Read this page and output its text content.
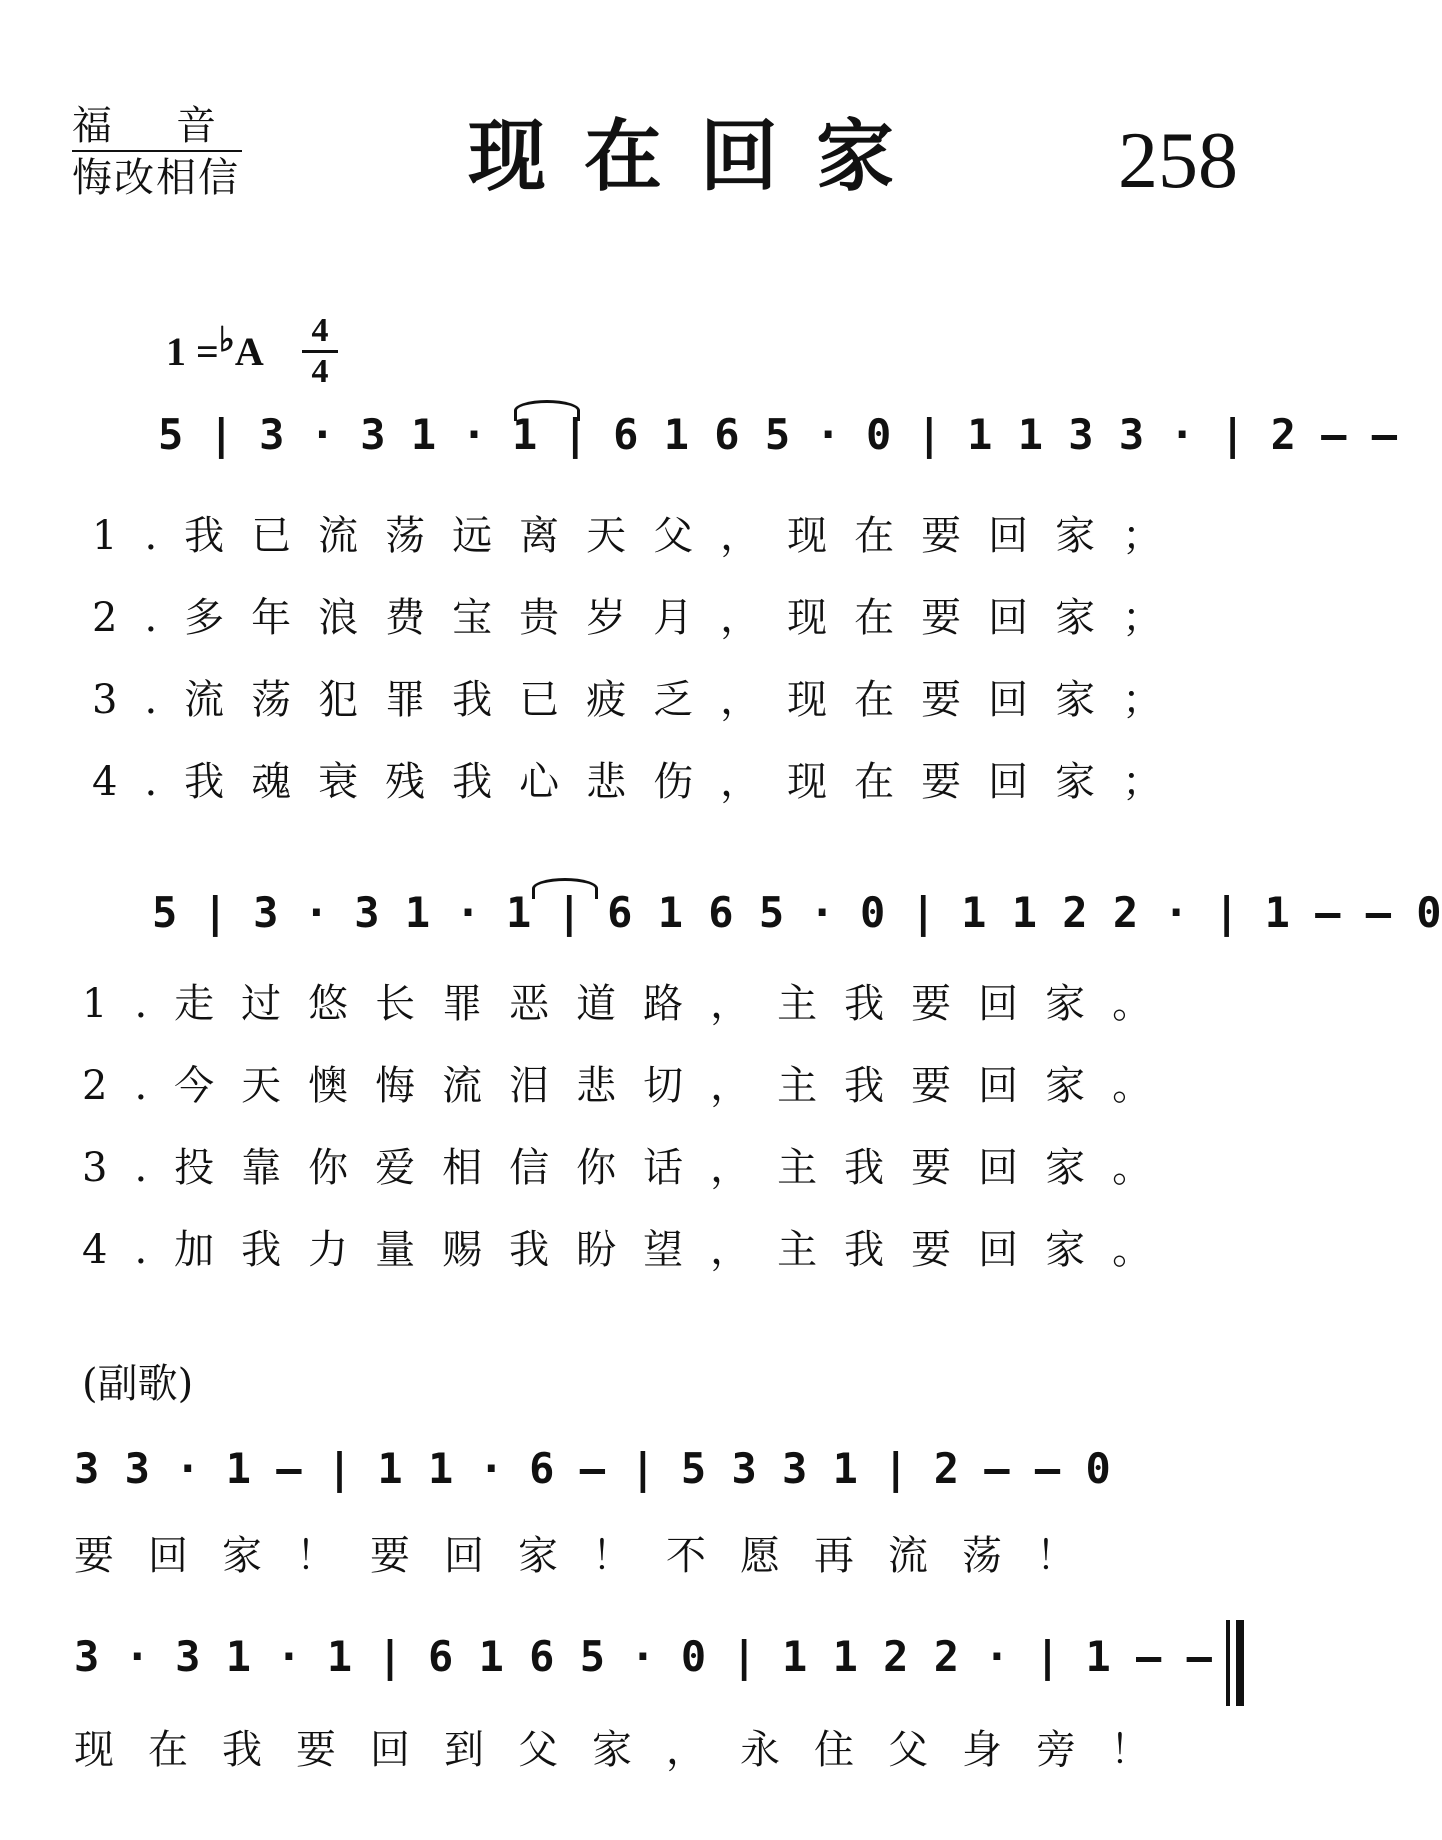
福音
悔改相信	现在回家 258
1 =♭A 4
4
5 | 3 · 3 1 · 1 | 6 1 6 5 · 0 | 1 1 3 3 · | 2 – –
1.我已流荡远离天父，现在要回家；
2.多年浪费宝贵岁月，现在要回家；
3.流荡犯罪我已疲乏，现在要回家；
4.我魂衰残我心悲伤，现在要回家；
5 | 3 · 3 1 · 1 | 6 1 6 5 · 0 | 1 1 2 2 · | 1 – – 0
1.走过悠长罪恶道路，主我要回家。
2.今天懊悔流泪悲切，主我要回家。
3.投靠你爱相信你话，主我要回家。
4.加我力量赐我盼望，主我要回家。
(副歌)
3 3 · 1 – | 1 1 · 6 – | 5 3 3 1 | 2 – – 0
要回家！要回家！不愿再流荡！
3 · 3 1 · 1 | 6 1 6 5 · 0 | 1 1 2 2 · | 1 – –
现在我要回到父家，永住父身旁！
